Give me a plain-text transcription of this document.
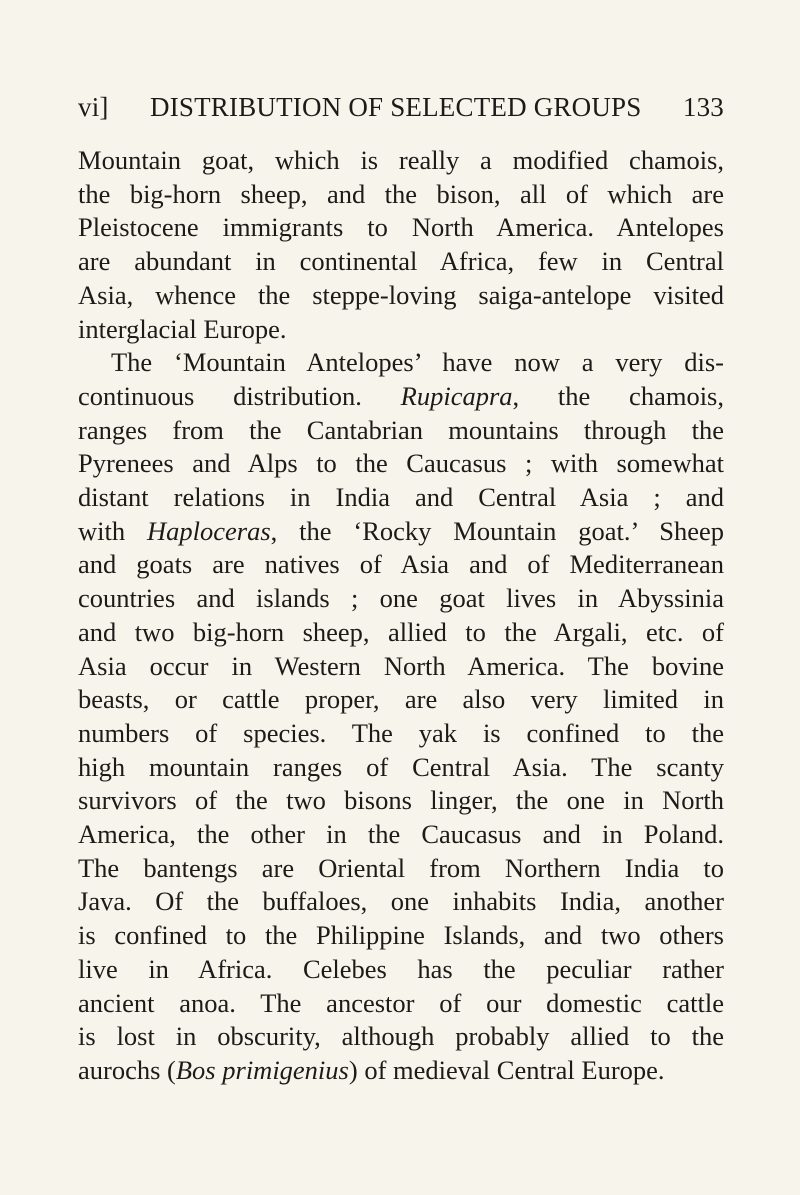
vi] DISTRIBUTION OF SELECTED GROUPS 133
Mountain goat, which is really a modified chamois,
the big-horn sheep, and the bison, all of which are
Pleistocene immigrants to North America. Antelopes
are abundant in continental Africa, few in Central
Asia, whence the steppe-loving saiga-antelope visited
interglacial Europe.
The ‘Mountain Antelopes’ have now a very dis-
continuous distribution. Rupicapra, the chamois,
ranges from the Cantabrian mountains through the
Pyrenees and Alps to the Caucasus ; with somewhat
distant relations in India and Central Asia ; and
with Haploceras, the ‘Rocky Mountain goat.’ Sheep
and goats are natives of Asia and of Mediterranean
countries and islands ; one goat lives in Abyssinia
and two big-horn sheep, allied to the Argali, etc. of
Asia occur in Western North America. The bovine
beasts, or cattle proper, are also very limited in
numbers of species. The yak is confined to the
high mountain ranges of Central Asia. The scanty
survivors of the two bisons linger, the one in North
America, the other in the Caucasus and in Poland.
The bantengs are Oriental from Northern India to
Java. Of the buffaloes, one inhabits India, another
is confined to the Philippine Islands, and two others
live in Africa. Celebes has the peculiar rather
ancient anoa. The ancestor of our domestic cattle
is lost in obscurity, although probably allied to the
aurochs (Bos primigenius) of medieval Central Europe.
